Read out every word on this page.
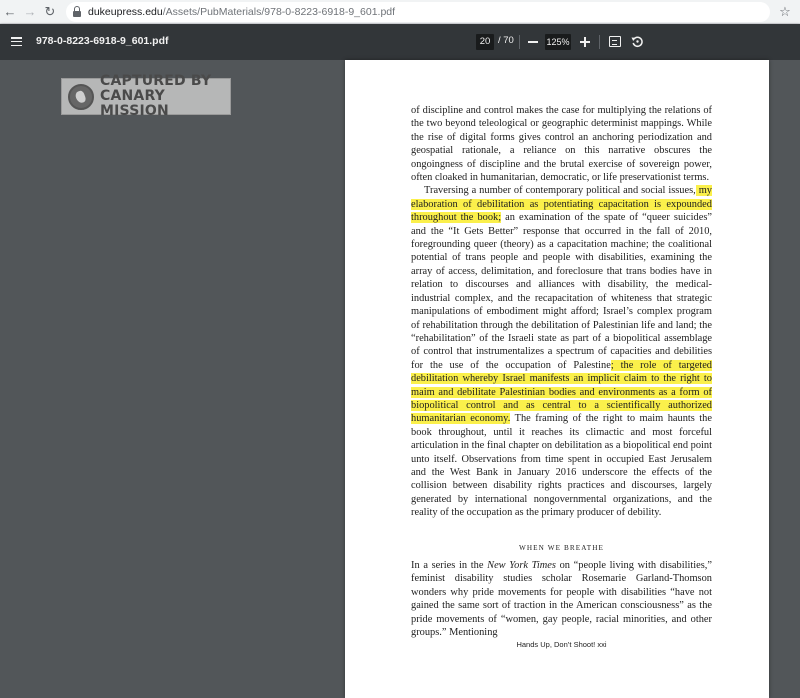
← → ↻	dukeupress.edu /Assets/PubMaterials/978-0-8223-6918-9_601.pdf	☆
978-0-8223-6918-9_601.pdf	20 / 70	125%
CAPTURED BY
CANARY MISSION	of discipline and control makes the case for multiplying the relations of the two beyond teleological or geographic determinist mappings. While the rise of digital forms gives control an anchoring periodization and geospatial rationale, a reliance on this narrative obscures the ongoingness of discipline and the brutal exercise of sovereign power, often cloaked in humanitarian, democratic, or life preservationist terms.

Traversing a number of contemporary political and social issues, my elaboration of debilitation as potentiating capacitation is expounded throughout the book; an examination of the spate of “queer suicides” and the “It Gets Better” response that occurred in the fall of 2010, foregrounding queer (theory) as a capacitation machine; the coalitional potential of trans people and people with disabilities, examining the array of access, delimitation, and foreclosure that trans bodies have in relation to discourses and alliances with disability, the medical-industrial complex, and the recapacitation of whiteness that strategic manipulations of embodiment might afford; Israel’s complex program of rehabilitation through the debilitation of Palestinian life and land; the “rehabilitation” of the Israeli state as part of a biopolitical assemblage of control that instrumentalizes a spectrum of capacities and debilities for the use of the occupation of Palestine; the role of targeted debilitation whereby Israel manifests an implicit claim to the right to maim and debilitate Palestinian bodies and environments as a form of biopolitical control and as central to a scientifically authorized humanitarian economy. The framing of the right to maim haunts the book throughout, until it reaches its climactic and most forceful articulation in the final chapter on debilitation as a biopolitical end point unto itself. Observations from time spent in occupied East Jerusalem and the West Bank in January 2016 underscore the effects of the collision between disability rights practices and discourses, largely generated by international nongovernmental organizations, and the reality of the occupation as the primary producer of debility.

WHEN WE BREATHE
In a series in the New York Times on “people living with disabilities,” feminist disability studies scholar Rosemarie Garland-Thomson wonders why pride movements for people with disabilities “have not gained the same sort of traction in the American consciousness” as the pride movements of “women, gay people, racial minorities, and other groups.” Mentioning
Hands Up, Don’t Shoot! xxi
